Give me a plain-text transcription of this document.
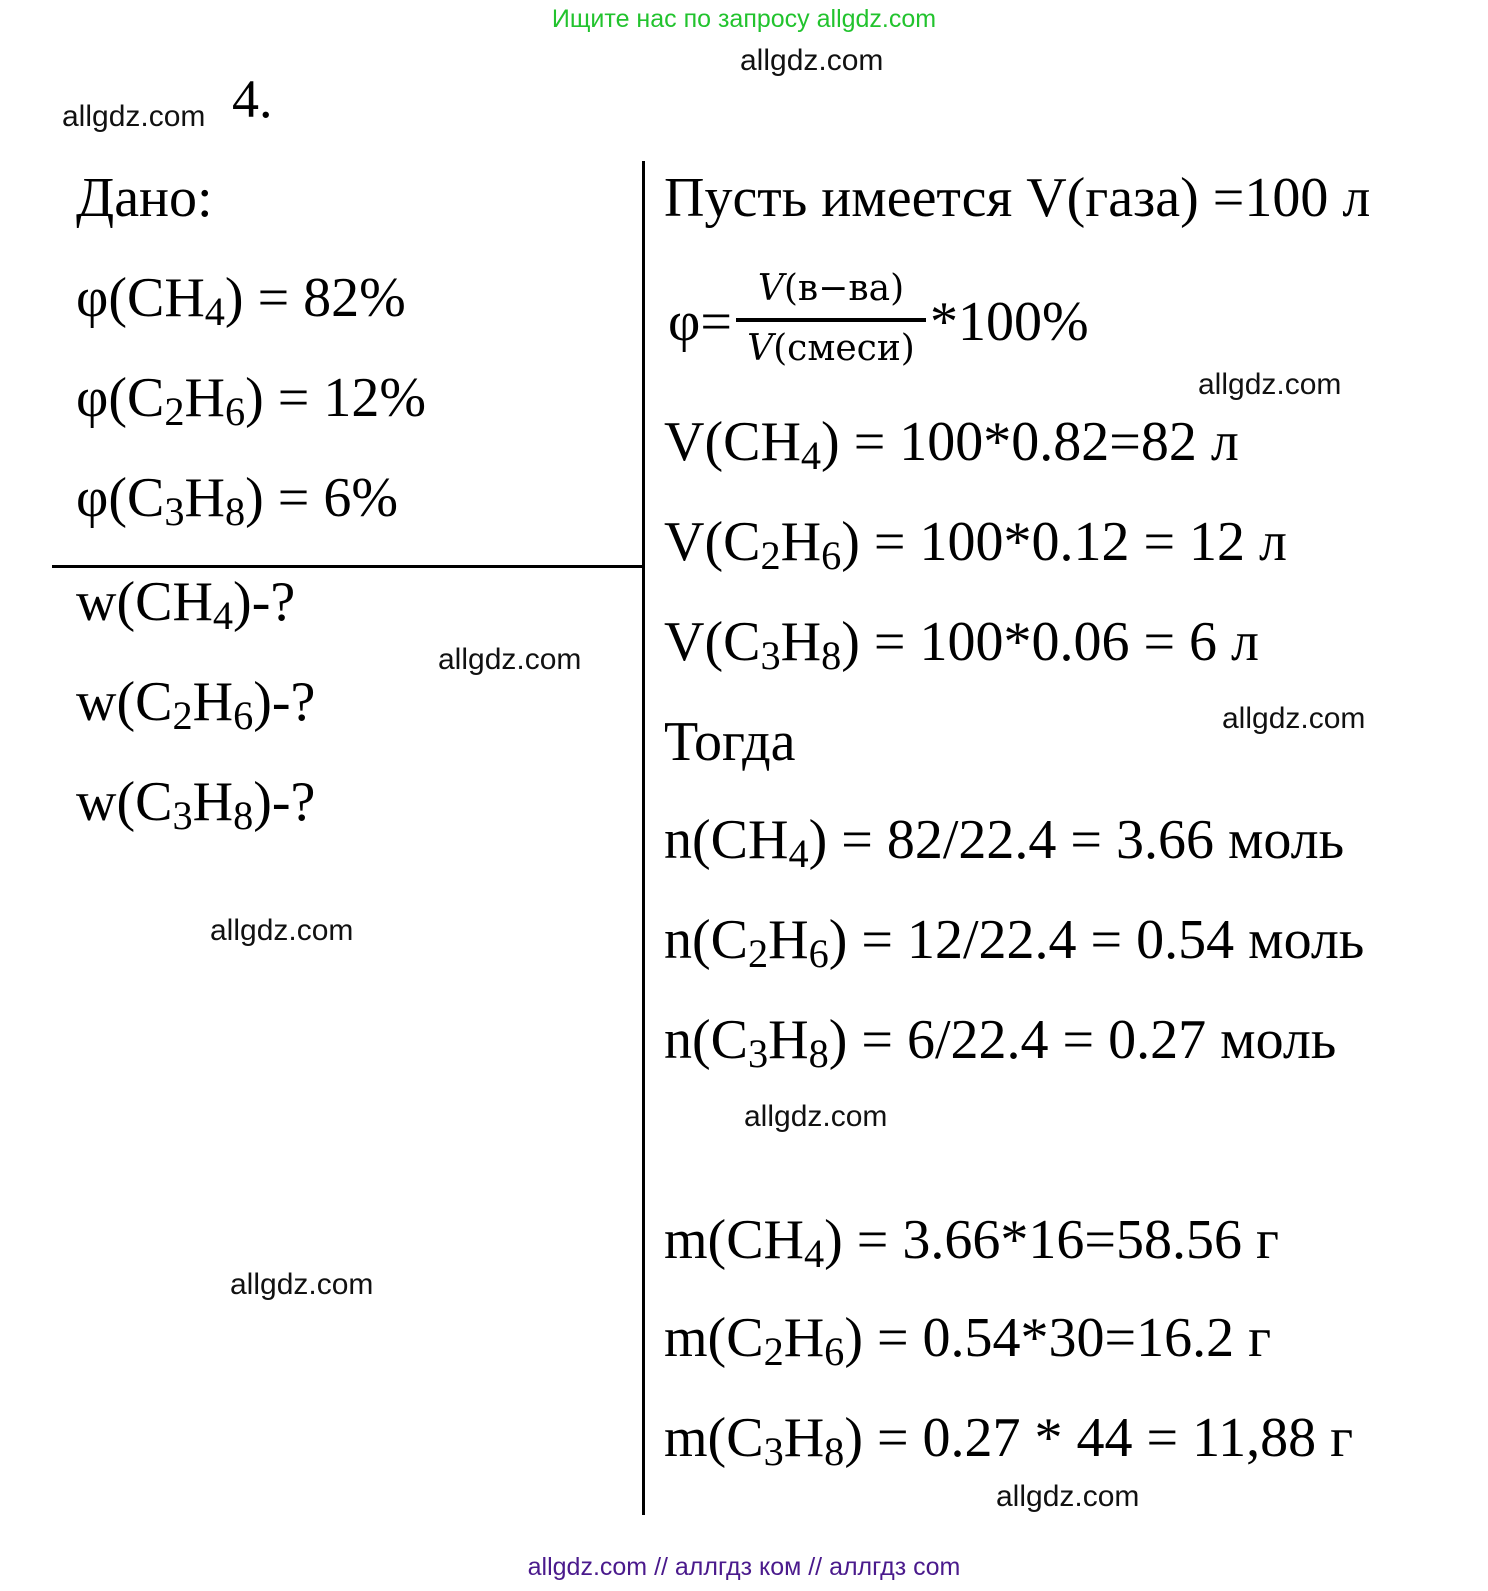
Ищите нас по запросу allgdz.com
allgdz.com
allgdz.com 4.
Дано:
φ(CH4) = 82%
φ(C2H6) = 12%
φ(C3H8) = 6%
w(CH4)-?
allgdz.com
w(C2H6)-?
w(C3H8)-?
allgdz.com
allgdz.com
Пусть имеется V(газа) =100 л
φ=
V(в−ва)
V(смеси) *100%
allgdz.com
V(CH4) = 100*0.82=82 л
V(C2H6) = 100*0.12 = 12 л
V(C3H8) = 100*0.06 = 6 л
allgdz.com
Тогда
n(CH4) = 82/22.4 = 3.66 моль
n(C2H6) = 12/22.4 = 0.54 моль
n(C3H8) = 6/22.4 = 0.27 моль
allgdz.com
m(CH4) = 3.66*16=58.56 г
m(C2H6) = 0.54*30=16.2 г
m(C3H8) = 0.27 * 44 = 11,88 г
allgdz.com
allgdz.com // аллгдз ком // аллгдз com
